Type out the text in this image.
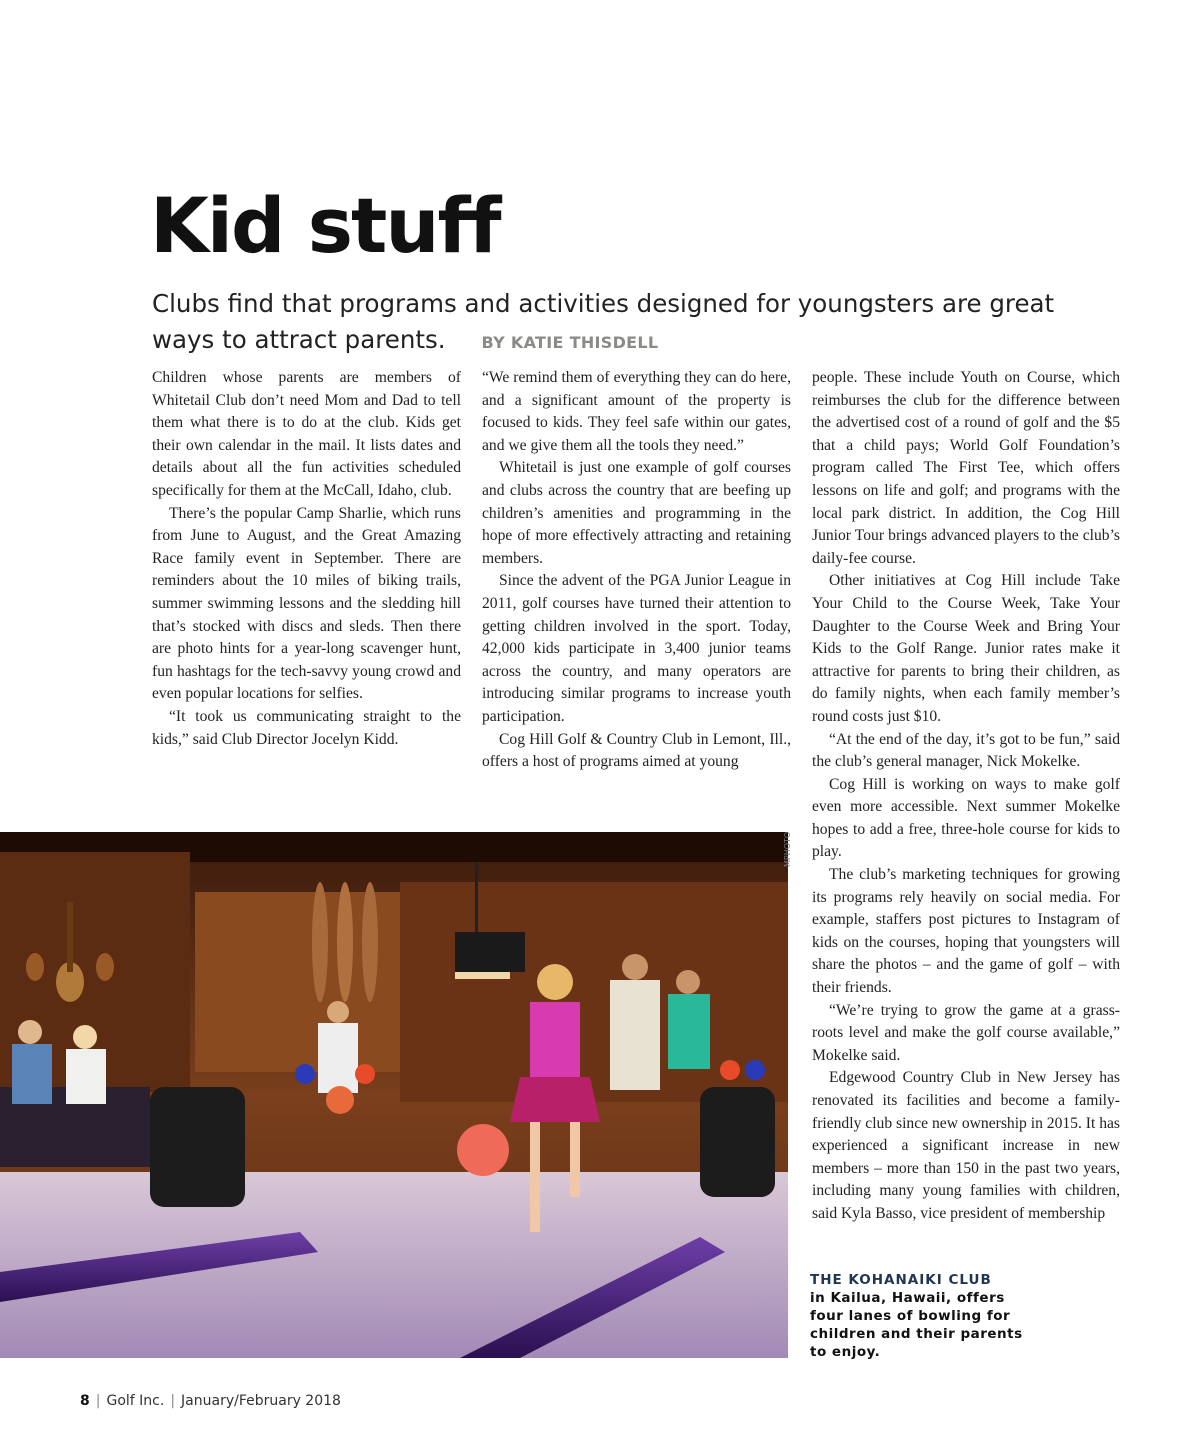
Kid stuff

Clubs find that programs and activities designed for youngsters are great ways to attract parents. BY KATIE THISDELL

Children whose parents are members of Whitetail Club don’t need Mom and Dad to tell them what there is to do at the club. Kids get their own calendar in the mail. It lists dates and details about all the fun activities scheduled specifically for them at the McCall, Idaho, club.

There’s the popular Camp Sharlie, which runs from June to August, and the Great Amazing Race family event in September. There are reminders about the 10 miles of biking trails, summer swimming lessons and the sledding hill that’s stocked with discs and sleds. Then there are photo hints for a year-long scavenger hunt, fun hashtags for the tech-savvy young crowd and even popular locations for selfies.

“It took us communicating straight to the kids,” said Club Director Jocelyn Kidd.

“We remind them of everything they can do here, and a significant amount of the property is focused to kids. They feel safe within our gates, and we give them all the tools they need.”

Whitetail is just one example of golf courses and clubs across the country that are beefing up children’s amenities and programming in the hope of more effectively attracting and retaining members.

Since the advent of the PGA Junior League in 2011, golf courses have turned their attention to getting children involved in the sport. Today, 42,000 kids participate in 3,400 junior teams across the country, and many operators are introducing similar programs to increase youth participation.

Cog Hill Golf & Country Club in Lemont, Ill., offers a host of programs aimed at young

people. These include Youth on Course, which reimburses the club for the difference between the advertised cost of a round of golf and the $5 that a child pays; World Golf Foundation’s program called The First Tee, which offers lessons on life and golf; and programs with the local park district. In addition, the Cog Hill Junior Tour brings advanced players to the club’s daily-fee course.

Other initiatives at Cog Hill include Take Your Child to the Course Week, Take Your Daughter to the Course Week and Bring Your Kids to the Golf Range. Junior rates make it attractive for parents to bring their children, as do family nights, when each family member’s round costs just $10.

“At the end of the day, it’s got to be fun,” said the club’s general manager, Nick Mokelke.

Cog Hill is working on ways to make golf even more accessible. Next summer Mokelke hopes to add a free, three-hole course for kids to play.

The club’s marketing techniques for growing its programs rely heavily on social media. For example, staffers post pictures to Instagram of kids on the courses, hoping that youngsters will share the photos – and the game of golf – with their friends.

“We’re trying to grow the game at a grass-roots level and make the golf course available,” Mokelke said.

Edgewood Country Club in New Jersey has renovated its facilities and become a family-friendly club since new ownership in 2015. It has experienced a significant increase in new members – more than 150 in the past two years, including many young families with children, said Kyla Basso, vice president of membership

MPHOTO
THE KOHANAIKI CLUB
in Kailua, Hawaii, offers four lanes of bowling for children and their parents to enjoy.
8 | Golf Inc. | January/February 2018
